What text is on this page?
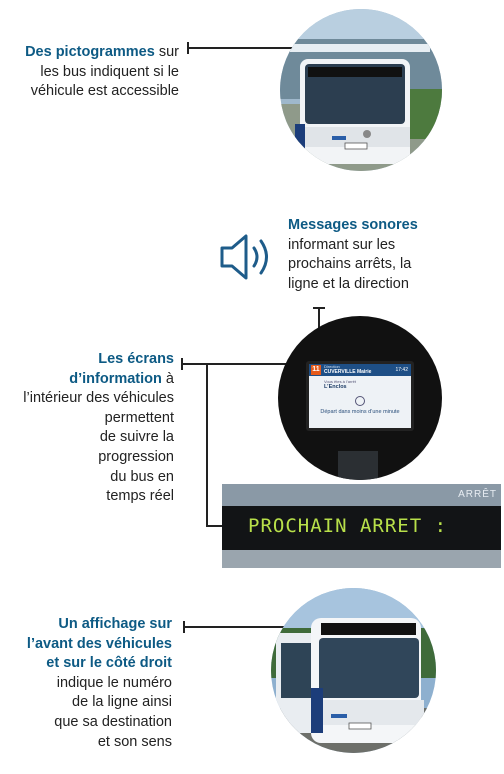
Des pictogrammes sur
les bus indiquent si le
véhicule est accessible
Messages sonores
informant sur les
prochains arrêts, la
ligne et la direction
Les écrans
d’information à
l’intérieur des véhicules
permettent
de suivre la
progression
du bus en
temps réel
11	Direction
CUVERVILLE Mairie	17:42
Vous êtes à l’arrêt
L’Enclos
Départ dans moins d’une minute
ARRÊT
PROCHAIN ARRET :
Un affichage sur
l’avant des véhicules
et sur le côté droit
indique le numéro
de la ligne ainsi
que sa destination
et son sens
